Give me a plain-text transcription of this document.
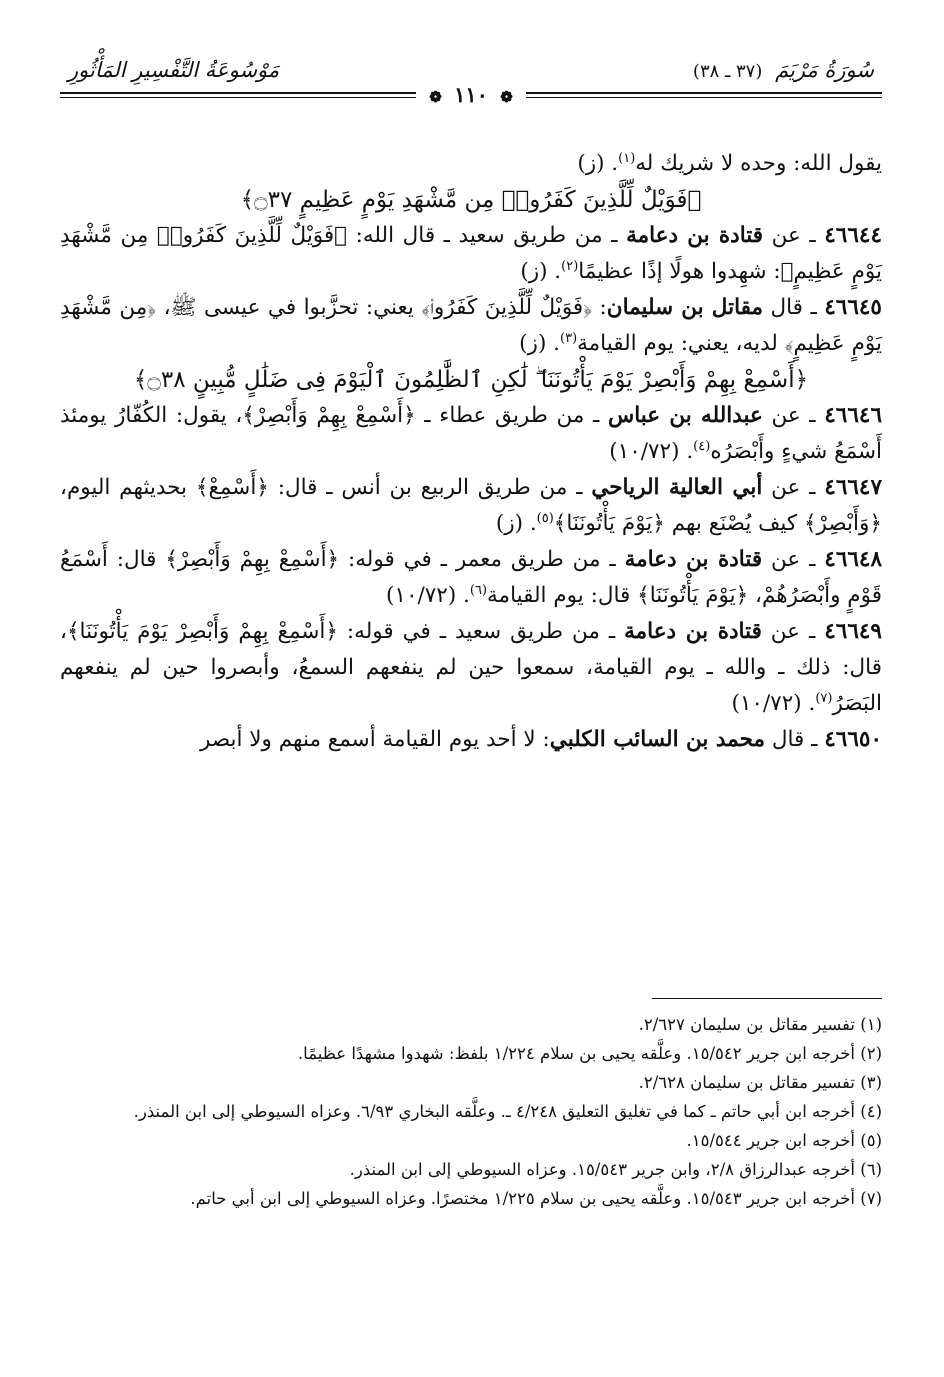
سُورَةُ مَرْيَمَ (٣٧ ـ ٣٨)
مَوْسُوعَةُ التَّفْسِيرِ المَأْثُورِ
❁ ١١٠ ❁

يقول الله: وحده لا شريك له$^{(١)}$. (ز)

﴿فَوَيْلٌ لِّلَّذِينَ كَفَرُوا۟ مِن مَّشْهَدِ يَوْمٍ عَظِيمٍ ۝٣٧﴾

٤٦٦٤٤ ـ عن قتادة بن دعامة ـ من طريق سعيد ـ قال الله: ﴿فَوَيْلٌ لِّلَّذِينَ كَفَرُوا۟ مِن مَّشْهَدِ يَوْمٍ عَظِيمٍ﴾: شهِدوا هولًا إذًا عظيمًا$^{(٢)}$. (ز)

٤٦٦٤٥ ـ قال مقاتل بن سليمان: ﴿فَوَيْلٌ لِّلَّذِينَ كَفَرُوا۟﴾ يعني: تحزَّبوا في عيسى ﷺ، ﴿مِن مَّشْهَدِ يَوْمٍ عَظِيمٍ﴾ لديه، يعني: يوم القيامة$^{(٣)}$. (ز)

﴿أَسْمِعْ بِهِمْ وَأَبْصِرْ يَوْمَ يَأْتُونَنَا ۖ لَٰكِنِ ٱلظَّٰلِمُونَ ٱلْيَوْمَ فِى ضَلَٰلٍ مُّبِينٍ ۝٣٨﴾

٤٦٦٤٦ ـ عن عبدالله بن عباس ـ من طريق عطاء ـ ﴿أَسْمِعْ بِهِمْ وَأَبْصِرْ﴾، يقول: الكُفّارُ يومئذ أَسْمَعُ شيءٍ وأَبْصَرُه$^{(٤)}$. (١٠/٧٢)

٤٦٦٤٧ ـ عن أبي العالية الرياحي ـ من طريق الربيع بن أنس ـ قال: ﴿أَسْمِعْ﴾ بحديثهم اليوم، ﴿وَأَبْصِرْ﴾ كيف يُصْنَع بهم ﴿يَوْمَ يَأْتُونَنَا﴾$^{(٥)}$. (ز)

٤٦٦٤٨ ـ عن قتادة بن دعامة ـ من طريق معمر ـ في قوله: ﴿أَسْمِعْ بِهِمْ وَأَبْصِرْ﴾ قال: أَسْمَعُ قَوْمٍ وأَبْصَرُهُمْ، ﴿يَوْمَ يَأْتُونَنَا﴾ قال: يوم القيامة$^{(٦)}$. (١٠/٧٢)

٤٦٦٤٩ ـ عن قتادة بن دعامة ـ من طريق سعيد ـ في قوله: ﴿أَسْمِعْ بِهِمْ وَأَبْصِرْ يَوْمَ يَأْتُونَنَا﴾، قال: ذلك ـ والله ـ يوم القيامة، سمعوا حين لم ينفعهم السمعُ، وأبصروا حين لم ينفعهم البَصَرُ$^{(٧)}$. (١٠/٧٢)

٤٦٦٥٠ ـ قال محمد بن السائب الكلبي: لا أحد يوم القيامة أسمع منهم ولا أبصر

(١) تفسير مقاتل بن سليمان ٢/٦٢٧.

(٢) أخرجه ابن جرير ١٥/٥٤٢. وعلَّقه يحيى بن سلام ١/٢٢٤ بلفظ: شهدوا مشهدًا عظيمًا.

(٣) تفسير مقاتل بن سليمان ٢/٦٢٨.

(٤) أخرجه ابن أبي حاتم ـ كما في تغليق التعليق ٤/٢٤٨ ـ. وعلَّقه البخاري ٦/٩٣. وعزاه السيوطي إلى ابن المنذر.

(٥) أخرجه ابن جرير ١٥/٥٤٤.

(٦) أخرجه عبدالرزاق ٢/٨، وابن جرير ١٥/٥٤٣. وعزاه السيوطي إلى ابن المنذر.

(٧) أخرجه ابن جرير ١٥/٥٤٣. وعلَّقه يحيى بن سلام ١/٢٢٥ مختصرًا. وعزاه السيوطي إلى ابن أبي حاتم.
